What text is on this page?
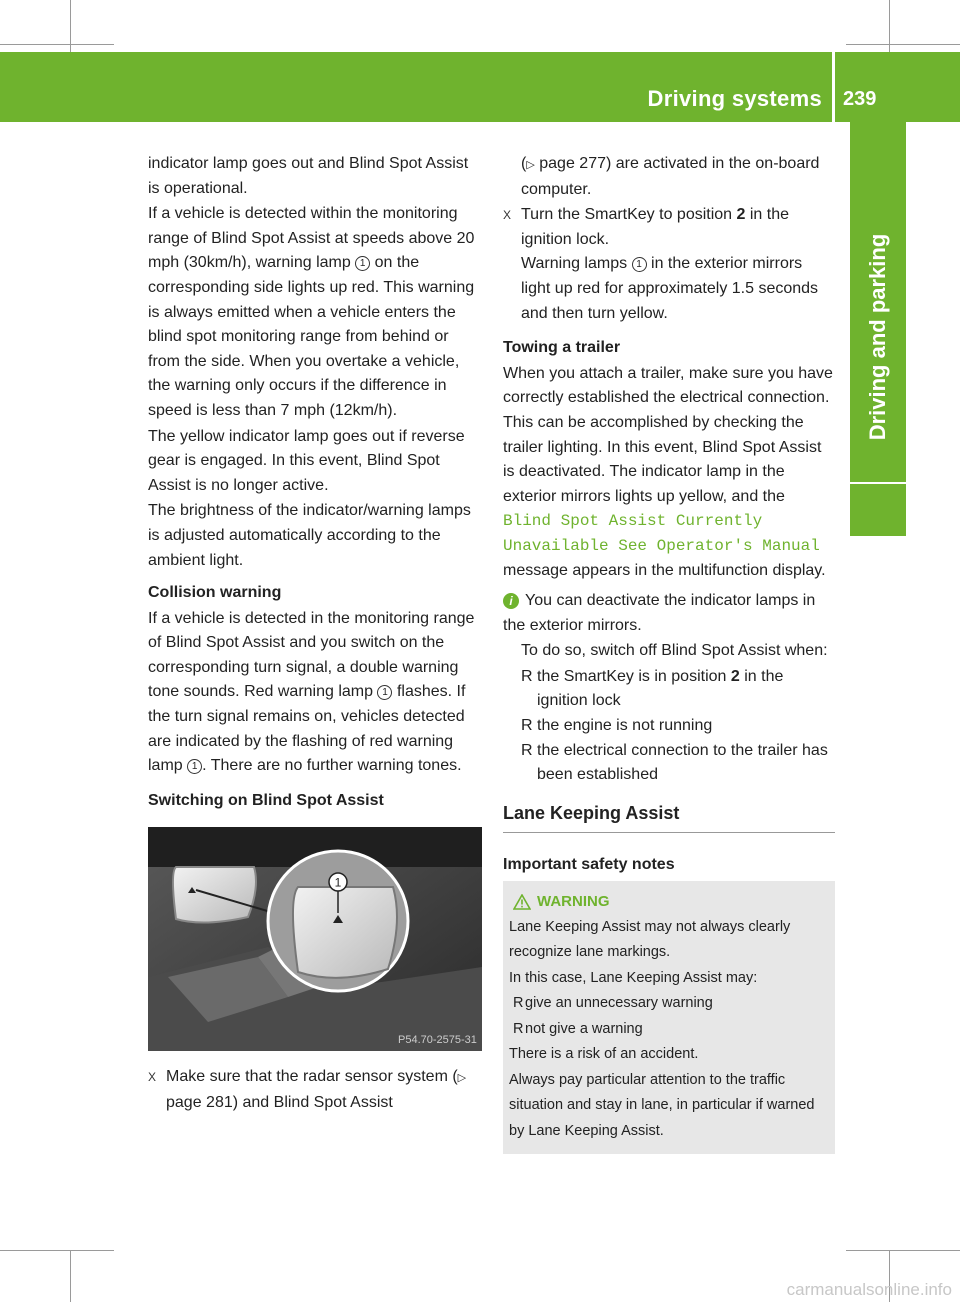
Driving systems 239
Driving and parking

indicator lamp goes out and Blind Spot Assist is operational.

If a vehicle is detected within the monitoring range of Blind Spot Assist at speeds above 20 mph (30km/h), warning lamp 1 on the corresponding side lights up red. This warning is always emitted when a vehicle enters the blind spot monitoring range from behind or from the side. When you overtake a vehicle, the warning only occurs if the difference in speed is less than 7 mph (12km/h).

The yellow indicator lamp goes out if reverse gear is engaged. In this event, Blind Spot Assist is no longer active.

The brightness of the indicator/warning lamps is adjusted automatically according to the ambient light.

Collision warning

If a vehicle is detected in the monitoring range of Blind Spot Assist and you switch on the corresponding turn signal, a double warning tone sounds. Red warning lamp 1 flashes. If the turn signal remains on, vehicles detected are indicated by the flashing of red warning lamp 1 . There are no further warning tones.

Switching on Blind Spot Assist
1
P54.70-2575-31
X Make sure that the radar sensor system (▷ page 281) and Blind Spot Assist

(▷ page 277) are activated in the on-board computer.

X Turn the SmartKey to position 2 in the ignition lock.

Warning lamps 1 in the exterior mirrors light up red for approximately 1.5 seconds and then turn yellow.

Towing a trailer

When you attach a trailer, make sure you have correctly established the electrical connection. This can be accomplished by checking the trailer lighting. In this event, Blind Spot Assist is deactivated. The indicator lamp in the exterior mirrors lights up yellow, and the Blind Spot Assist Currently Unavailable See Operator's Manual message appears in the multifunction display.

i You can deactivate the indicator lamps in the exterior mirrors.

To do so, switch off Blind Spot Assist when:

R the SmartKey is in position 2 in the ignition lock
R the engine is not running
R the electrical connection to the trailer has been established
Lane Keeping Assist
Important safety notes
WARNING

Lane Keeping Assist may not always clearly recognize lane markings.

In this case, Lane Keeping Assist may:

R give an unnecessary warning
R not give a warning

There is a risk of an accident.

Always pay particular attention to the traffic situation and stay in lane, in particular if warned by Lane Keeping Assist.

carmanualsonline.info
